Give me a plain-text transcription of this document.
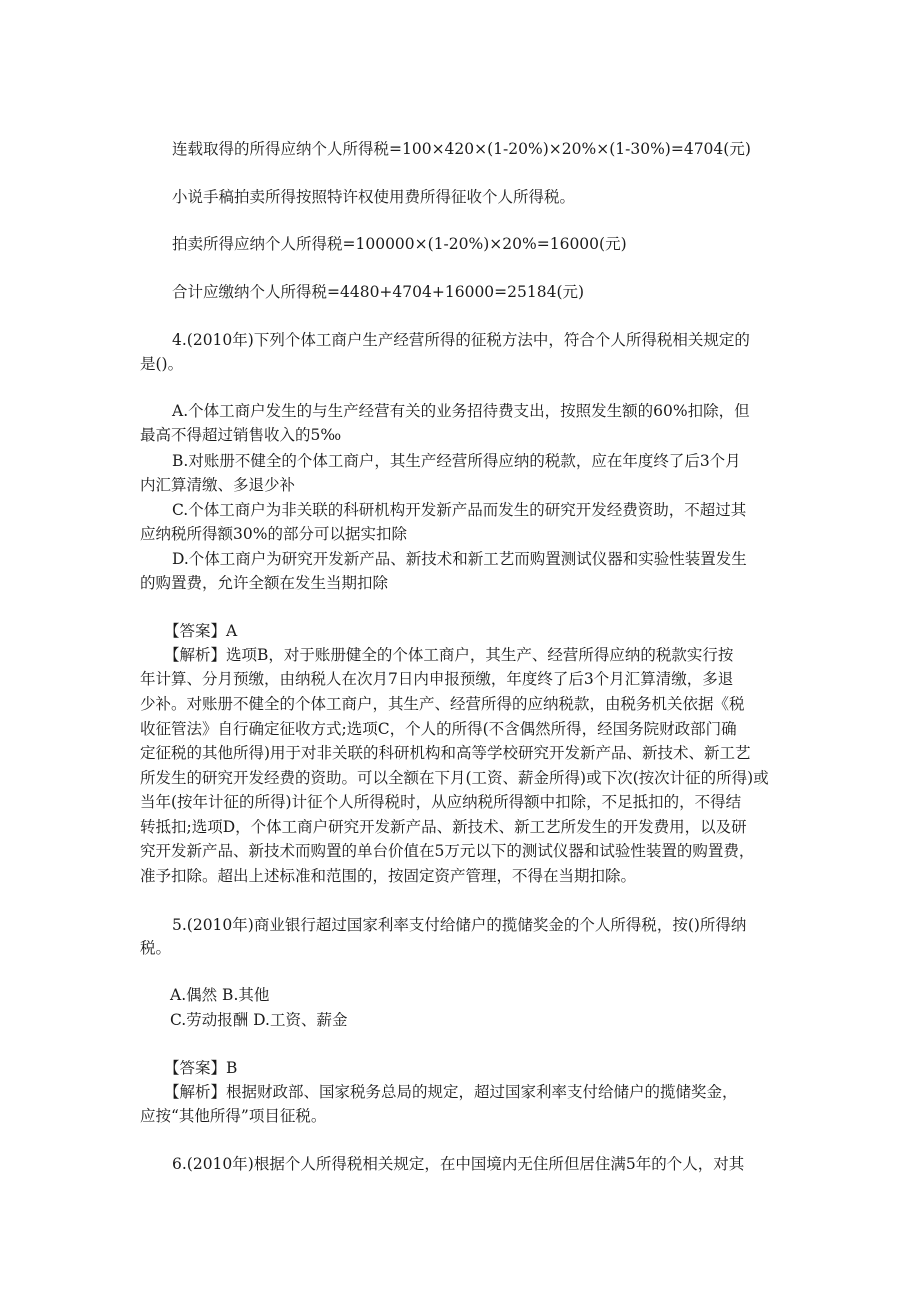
连载取得的所得应纳个人所得税=100×420×(1-20%)×20%×(1-30%)=4704(元)
小说手稿拍卖所得按照特许权使用费所得征收个人所得税。
拍卖所得应纳个人所得税=100000×(1-20%)×20%=16000(元)
合计应缴纳个人所得税=4480+4704+16000=25184(元)
4.(2010年)下列个体工商户生产经营所得的征税方法中，符合个人所得税相关规定的
是()。
A.个体工商户发生的与生产经营有关的业务招待费支出，按照发生额的60%扣除，但
最高不得超过销售收入的5‰
B.对账册不健全的个体工商户，其生产经营所得应纳的税款，应在年度终了后3个月
内汇算清缴、多退少补
C.个体工商户为非关联的科研机构开发新产品而发生的研究开发经费资助，不超过其
应纳税所得额30%的部分可以据实扣除
D.个体工商户为研究开发新产品、新技术和新工艺而购置测试仪器和实验性装置发生
的购置费，允许全额在发生当期扣除
【答案】A
【解析】选项B，对于账册健全的个体工商户，其生产、经营所得应纳的税款实行按
年计算、分月预缴，由纳税人在次月7日内申报预缴，年度终了后3个月汇算清缴，多退
少补。对账册不健全的个体工商户，其生产、经营所得的应纳税款，由税务机关依据《税
收征管法》自行确定征收方式;选项C，个人的所得(不含偶然所得，经国务院财政部门确
定征税的其他所得)用于对非关联的科研机构和高等学校研究开发新产品、新技术、新工艺
所发生的研究开发经费的资助。可以全额在下月(工资、薪金所得)或下次(按次计征的所得)或
当年(按年计征的所得)计征个人所得税时，从应纳税所得额中扣除，不足抵扣的，不得结
转抵扣;选项D，个体工商户研究开发新产品、新技术、新工艺所发生的开发费用，以及研
究开发新产品、新技术而购置的单台价值在5万元以下的测试仪器和试验性装置的购置费，
准予扣除。超出上述标准和范围的，按固定资产管理，不得在当期扣除。
5.(2010年)商业银行超过国家利率支付给储户的揽储奖金的个人所得税，按()所得纳
税。
A.偶然 B.其他
C.劳动报酬 D.工资、薪金
【答案】B
【解析】根据财政部、国家税务总局的规定，超过国家利率支付给储户的揽储奖金，
应按“其他所得”项目征税。
6.(2010年)根据个人所得税相关规定，在中国境内无住所但居住满5年的个人，对其
